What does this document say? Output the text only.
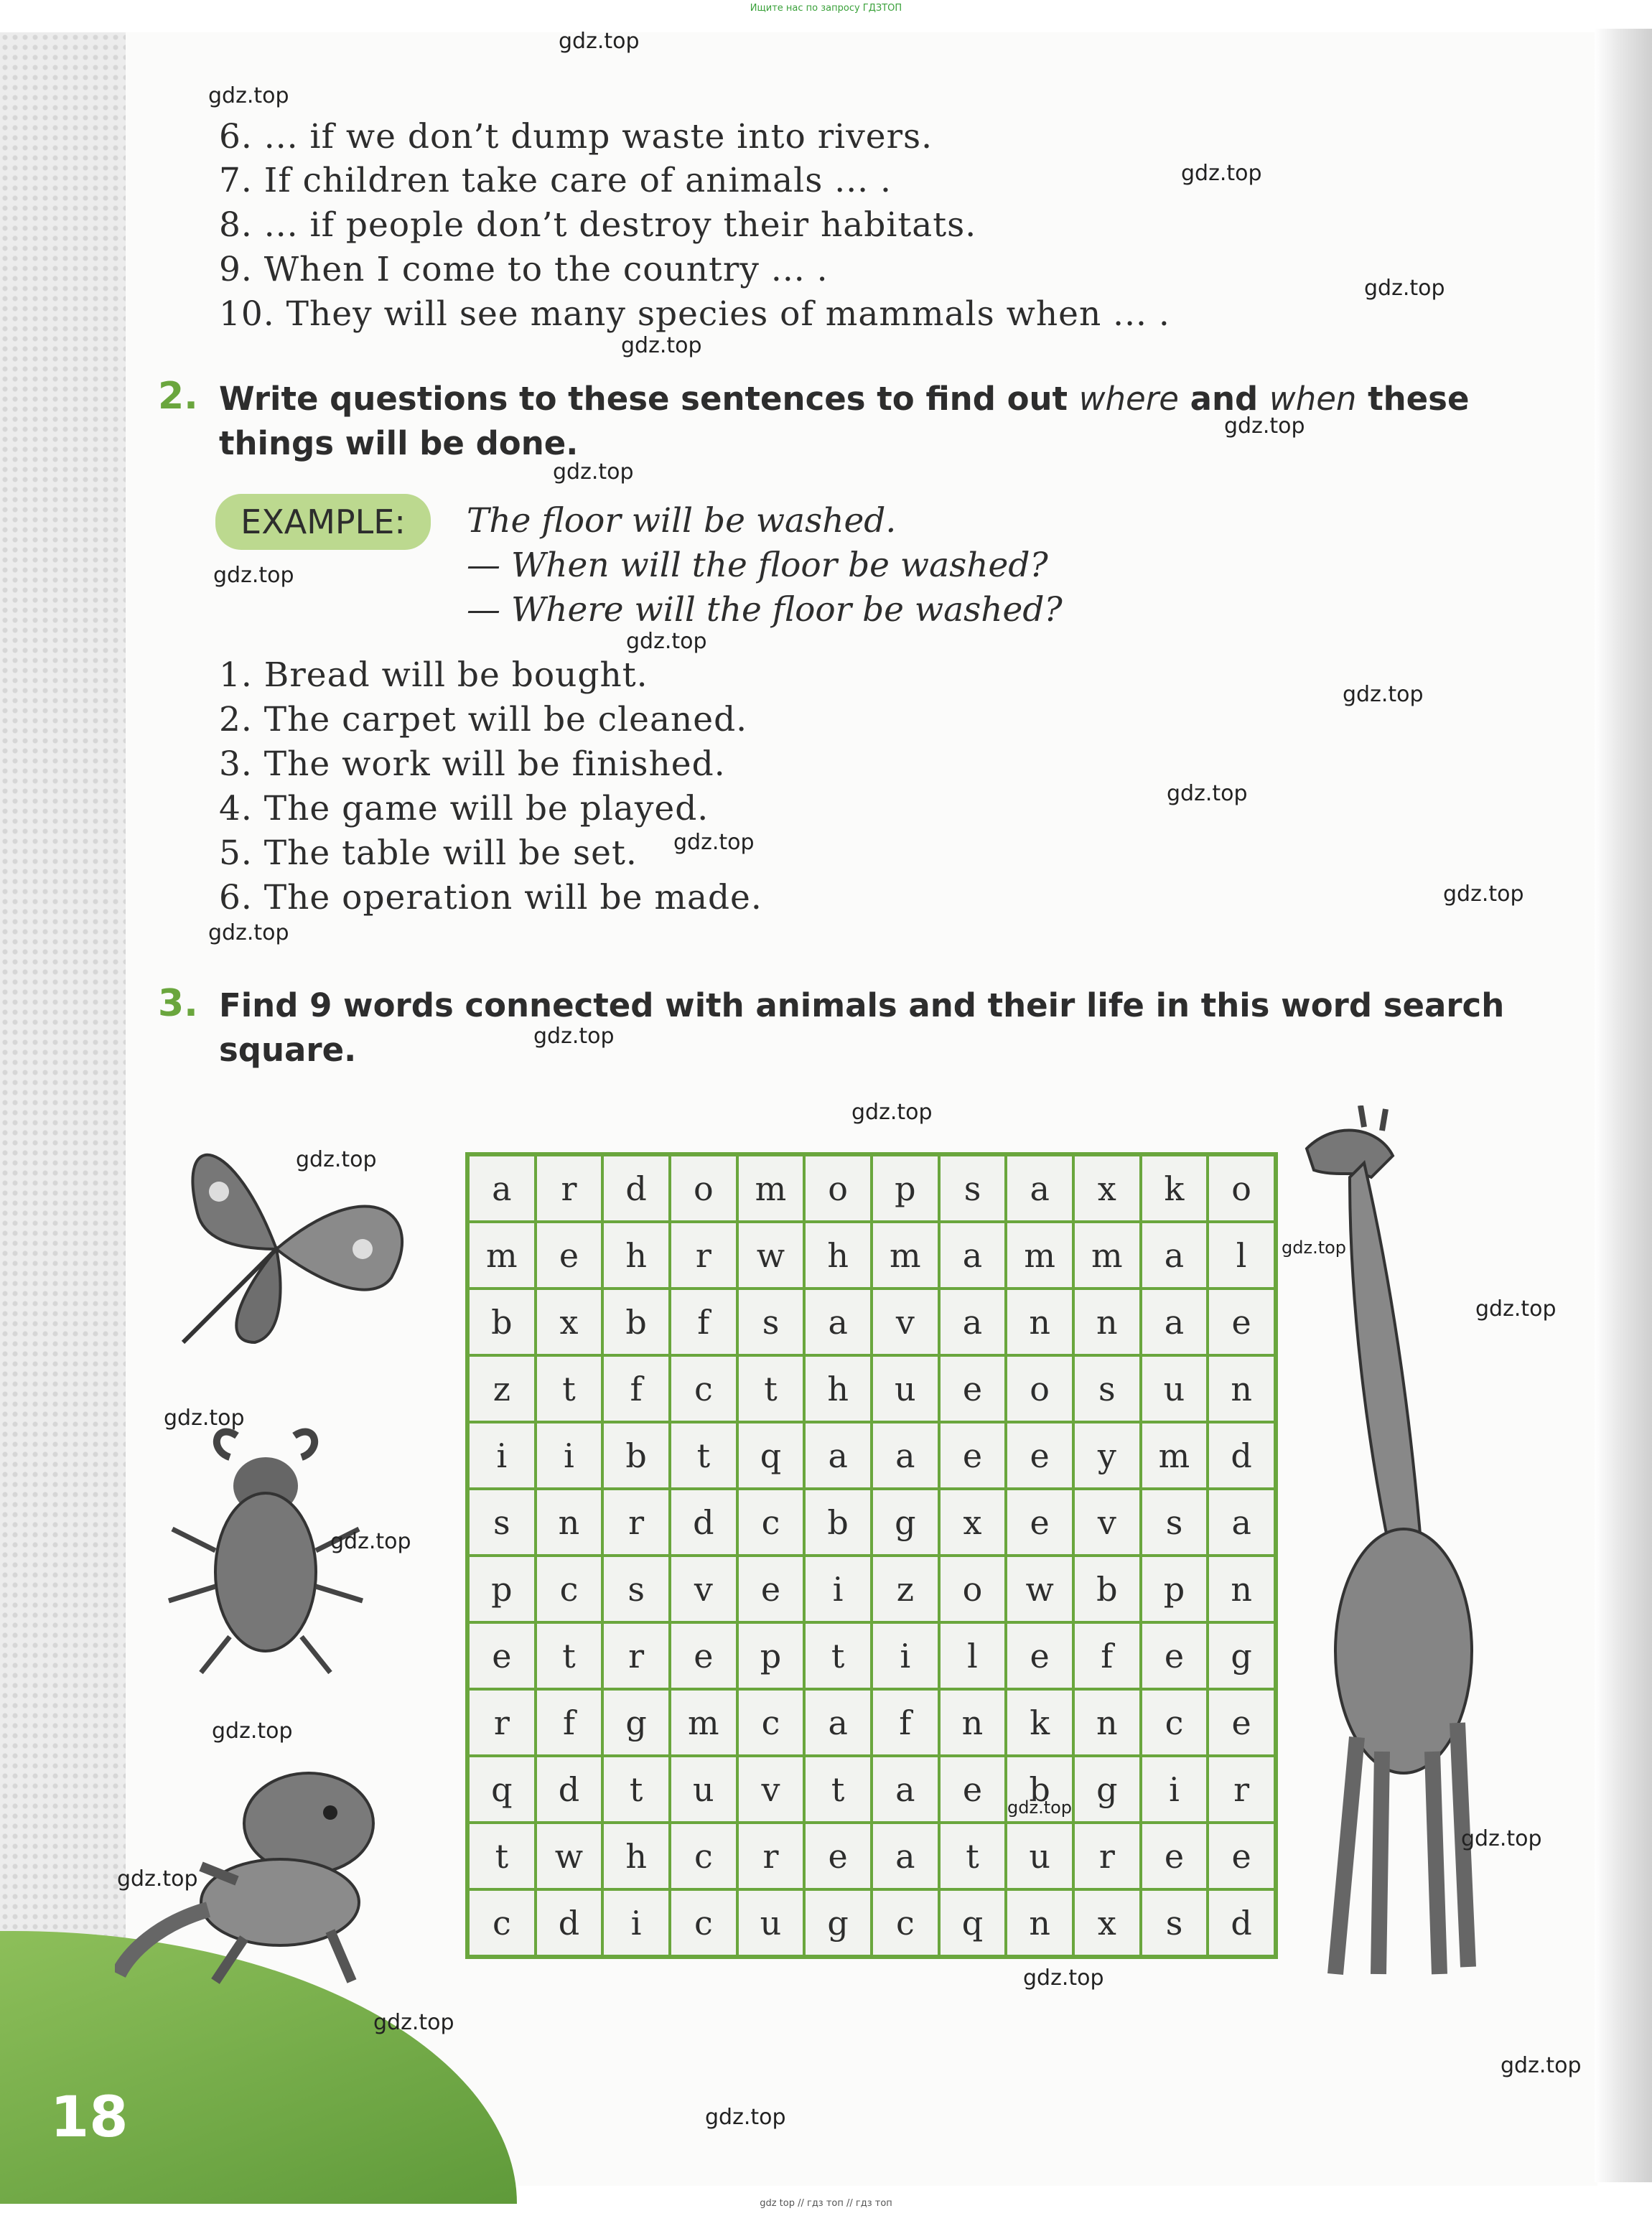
18
Ищите нас по запросу ГДЗТОП
gdz top // гдз топ // гдз топ
6. ... if we don’t dump waste into rivers.
7. If children take care of animals ... .
8. ... if people don’t destroy their habitats.
9. When I come to the country ... .
10. They will see many species of mammals when ... .
2. Write questions to these sentences to find out where and when these things will be done.
EXAMPLE:	The floor will be washed.
— When will the floor be washed?
— Where will the floor be washed?
1. Bread will be bought.
2. The carpet will be cleaned.
3. The work will be finished.
4. The game will be played.
5. The table will be set.
6. The operation will be made.
3. Find 9 words connected with animals and their life in this word search square.
a	r	d	o	m	o	p	s	a	x	k	o
m	e	h	r	w	h	m	a	m	m	a	l
b	x	b	f	s	a	v	a	n	n	a	e
z	t	f	c	t	h	u	e	o	s	u	n
i	i	b	t	q	a	a	e	e	y	m	d
s	n	r	d	c	b	g	x	e	v	s	a
p	c	s	v	e	i	z	o	w	b	p	n
e	t	r	e	p	t	i	l	e	f	e	g
r	f	g	m	c	a	f	n	k	n	c	e
q	d	t	u	v	t	a	e	b	g	i	r
t	w	h	c	r	e	a	t	u	r	e	e
c	d	i	c	u	g	c	q	n	x	s	d
gdz.top
gdz.top
gdz.top
gdz.top
gdz.top
gdz.top
gdz.top
gdz.top
gdz.top
gdz.top
gdz.top
gdz.top
gdz.top
gdz.top
gdz.top
gdz.top
gdz.top
gdz.top
gdz.top
gdz.top
gdz.top
gdz.top
gdz.top
gdz.top
gdz.top
gdz.top
gdz.top
gdz.top
gdz.top
